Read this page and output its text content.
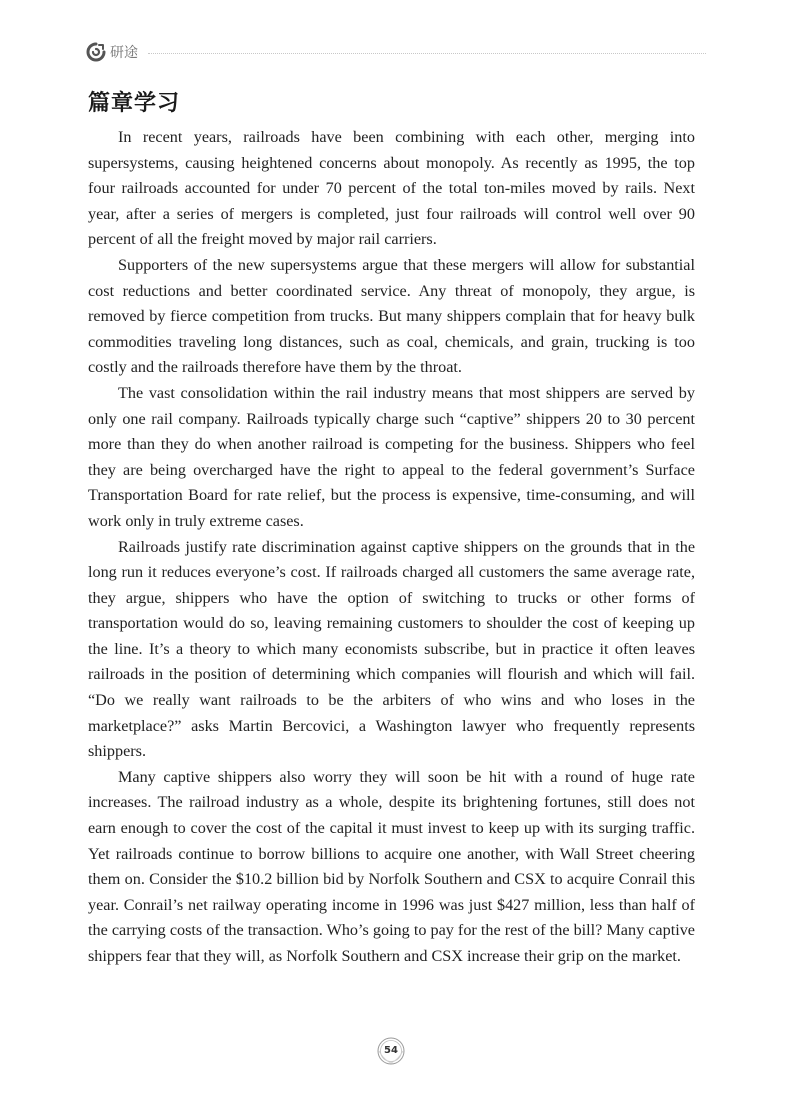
研途
篇章学习

In recent years, railroads have been combining with each other, merging into supersystems, causing heightened concerns about monopoly. As recently as 1995, the top four railroads accounted for under 70 percent of the total ton-miles moved by rails. Next year, after a series of mergers is completed, just four railroads will control well over 90 percent of all the freight moved by major rail carriers.

Supporters of the new supersystems argue that these mergers will allow for substantial cost reductions and better coordinated service. Any threat of monopoly, they argue, is removed by fierce competition from trucks. But many shippers complain that for heavy bulk commodities traveling long distances, such as coal, chemicals, and grain, trucking is too costly and the railroads therefore have them by the throat.

The vast consolidation within the rail industry means that most shippers are served by only one rail company. Railroads typically charge such “captive” shippers 20 to 30 percent more than they do when another railroad is competing for the business. Shippers who feel they are being overcharged have the right to appeal to the federal government’s Surface Transportation Board for rate relief, but the process is expensive, time-consuming, and will work only in truly extreme cases.

Railroads justify rate discrimination against captive shippers on the grounds that in the long run it reduces everyone’s cost. If railroads charged all customers the same average rate, they argue, shippers who have the option of switching to trucks or other forms of transportation would do so, leaving remaining customers to shoulder the cost of keeping up the line. It’s a theory to which many economists subscribe, but in practice it often leaves railroads in the position of determining which companies will flourish and which will fail. “Do we really want railroads to be the arbiters of who wins and who loses in the marketplace?” asks Martin Bercovici, a Washington lawyer who frequently represents shippers.

Many captive shippers also worry they will soon be hit with a round of huge rate increases. The railroad industry as a whole, despite its brightening fortunes, still does not earn enough to cover the cost of the capital it must invest to keep up with its surging traffic. Yet railroads continue to borrow billions to acquire one another, with Wall Street cheering them on. Consider the $10.2 billion bid by Norfolk Southern and CSX to acquire Conrail this year. Conrail’s net railway operating income in 1996 was just $427 million, less than half of the carrying costs of the transaction. Who’s going to pay for the rest of the bill? Many captive shippers fear that they will, as Norfolk Southern and CSX increase their grip on the market.

54
